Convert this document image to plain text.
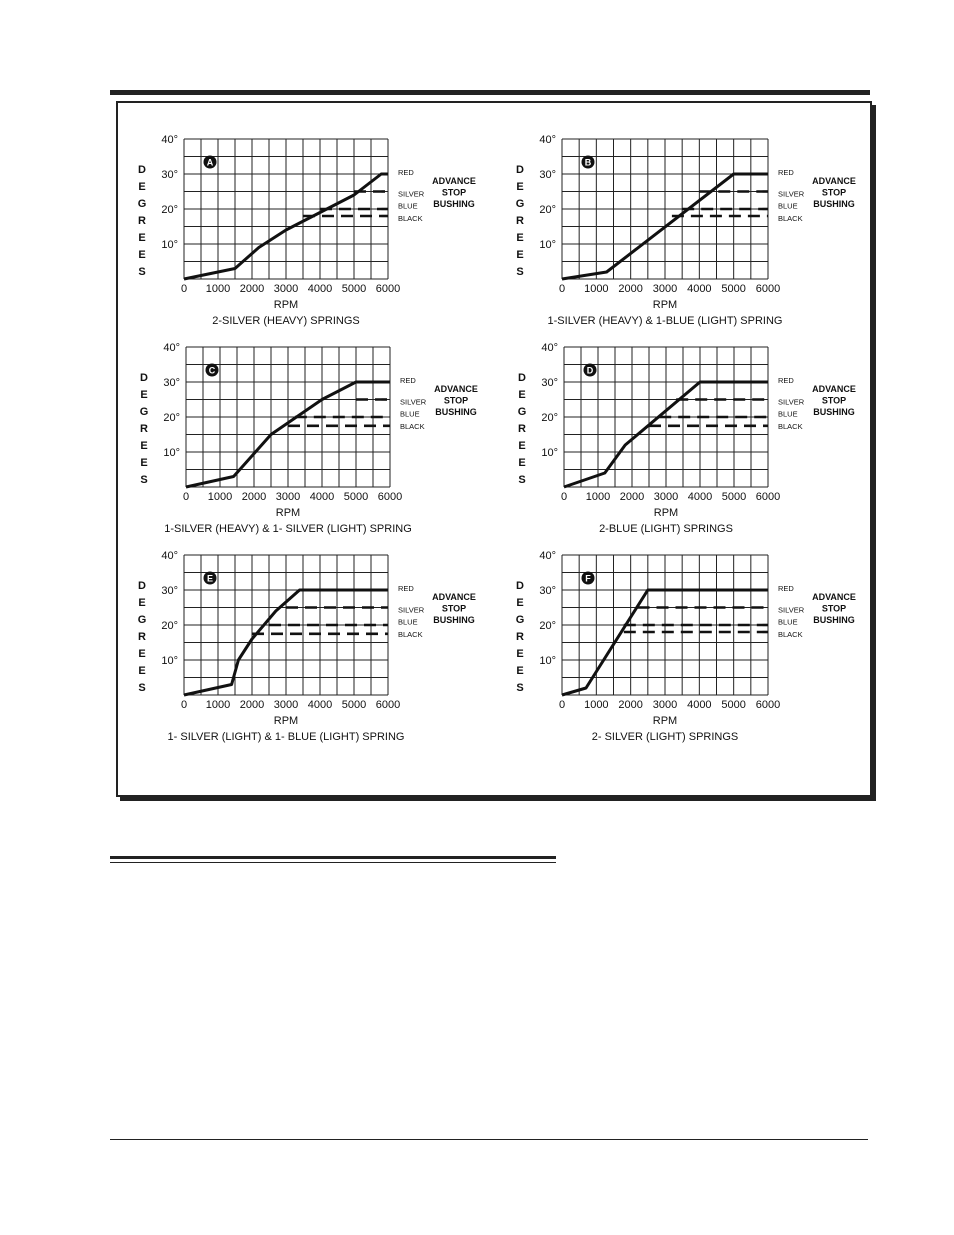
10°
20°
30°
40°
0 1000 2000 3000 4000 5000 6000
RPM
2-SILVER (HEAVY) SPRINGS
D
E
G
R
E
E
S
A
RED
SILVER
BLUE
BLACK
ADVANCE
STOP
BUSHING
10°
20°
30°
40°
0 1000 2000 3000 4000 5000 6000
RPM
1-SILVER (HEAVY) & 1-BLUE (LIGHT) SPRING
D
E
G
R
E
E
S
B
RED
SILVER
BLUE
BLACK
ADVANCE
STOP
BUSHING
10°
20°
30°
40°
0 1000 2000 3000 4000 5000 6000
RPM
1-SILVER (HEAVY) & 1- SILVER (LIGHT) SPRING
D
E
G
R
E
E
S
C
RED
SILVER
BLUE
BLACK
ADVANCE
STOP
BUSHING
10°
20°
30°
40°
0 1000 2000 3000 4000 5000 6000
RPM
2-BLUE (LIGHT) SPRINGS
D
E
G
R
E
E
S
D
RED
SILVER
BLUE
BLACK
ADVANCE
STOP
BUSHING
10°
20°
30°
40°
0 1000 2000 3000 4000 5000 6000
RPM
1- SILVER (LIGHT) & 1- BLUE (LIGHT) SPRING
D
E
G
R
E
E
S
E
RED
SILVER
BLUE
BLACK
ADVANCE
STOP
BUSHING
10°
20°
30°
40°
0 1000 2000 3000 4000 5000 6000
RPM
2- SILVER (LIGHT) SPRINGS
D
E
G
R
E
E
S
F
RED
SILVER
BLUE
BLACK
ADVANCE
STOP
BUSHING
